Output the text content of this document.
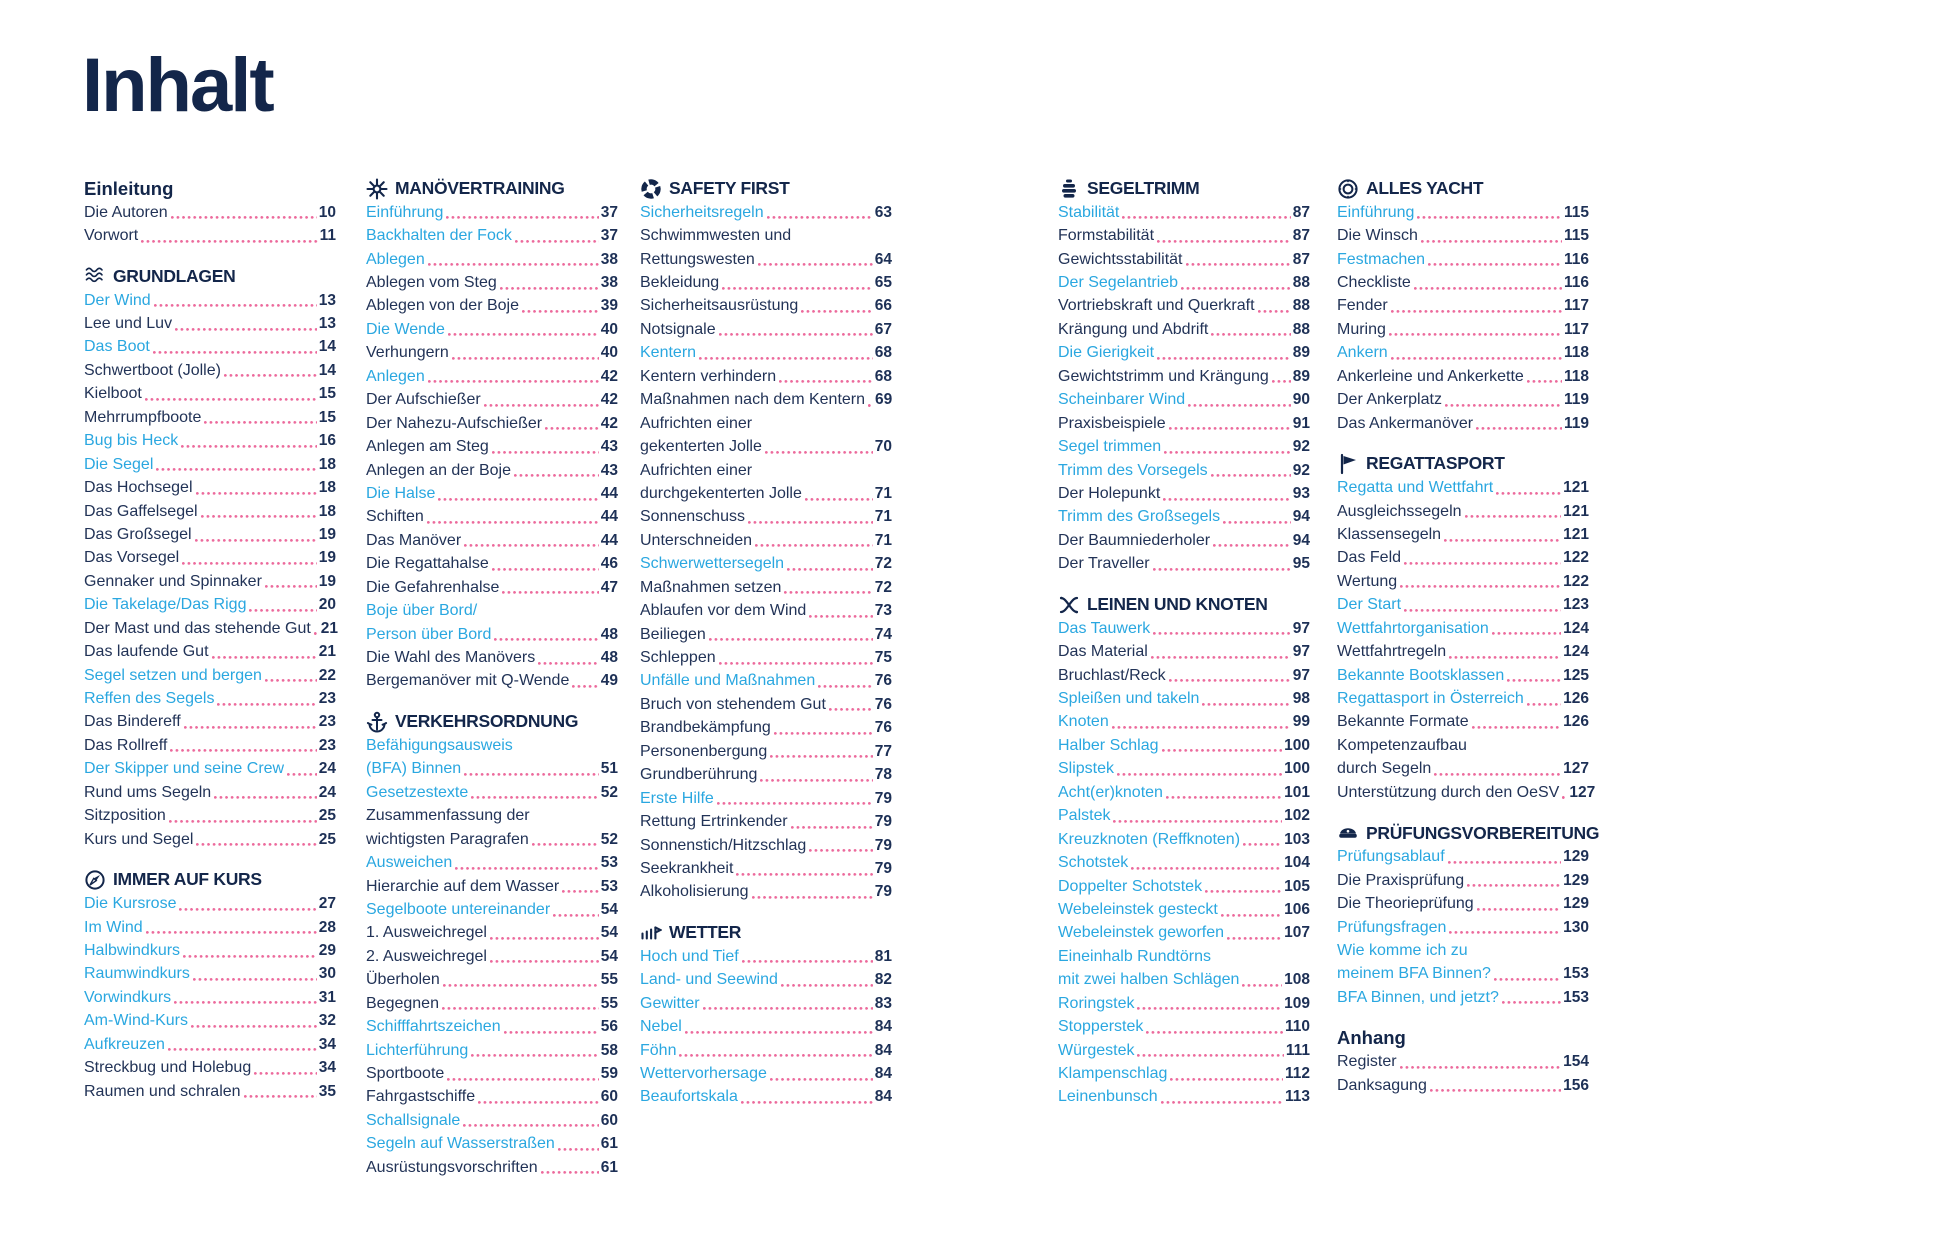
Inhalt
Einleitung
Die Autoren	10
Vorwort	11
GRUNDLAGEN
Der Wind	13
Lee und Luv	13
Das Boot	14
Schwertboot (Jolle)	14
Kielboot	15
Mehrrumpfboote	15
Bug bis Heck	16
Die Segel	18
Das Hochsegel	18
Das Gaffelsegel	18
Das Großsegel	19
Das Vorsegel	19
Gennaker und Spinnaker	19
Die Takelage/Das Rigg	20
Der Mast und das stehende Gut 21
Das laufende Gut	21
Segel setzen und bergen	22
Reffen des Segels	23
Das Bindereff	23
Das Rollreff	23
Der Skipper und seine Crew 24
Rund ums Segeln	24
Sitzposition	25
Kurs und Segel	25
IMMER AUF KURS
Die Kursrose	27
Im Wind	28
Halbwindkurs	29
Raumwindkurs	30
Vorwindkurs	31
Am-Wind-Kurs	32
Aufkreuzen	34
Streckbug und Holebug	34
Raumen und schralen	35
MANÖVERTRAINING
Einführung	37
Backhalten der Fock	37
Ablegen	38
Ablegen vom Steg	38
Ablegen von der Boje	39
Die Wende	40
Verhungern	40
Anlegen	42
Der Aufschießer	42
Der Nahezu-Aufschießer	42
Anlegen am Steg	43
Anlegen an der Boje	43
Die Halse	44
Schiften	44
Das Manöver	44
Die Regattahalse	46
Die Gefahrenhalse	47
Boje über Bord/
Person über Bord	48
Die Wahl des Manövers	48
Bergemanöver mit Q-Wende 49
VERKEHRSORDNUNG
Befähigungsausweis
(BFA) Binnen	51
Gesetzestexte	52
Zusammenfassung der
wichtigsten Paragrafen	52
Ausweichen	53
Hierarchie auf dem Wasser	53
Segelboote untereinander	54
1. Ausweichregel	54
2. Ausweichregel	54
Überholen	55
Begegnen	55
Schifffahrtszeichen	56
Lichterführung	58
Sportboote	59
Fahrgastschiffe	60
Schallsignale	60
Segeln auf Wasserstraßen	61
Ausrüstungsvorschriften	61
SAFETY FIRST
Sicherheitsregeln	63
Schwimmwesten und
Rettungswesten	64
Bekleidung	65
Sicherheitsausrüstung	66
Notsignale	67
Kentern	68
Kentern verhindern	68
Maßnahmen nach dem Kentern 69
Aufrichten einer
gekenterten Jolle	70
Aufrichten einer
durchgekenterten Jolle	71
Sonnenschuss	71
Unterschneiden	71
Schwerwettersegeln	72
Maßnahmen setzen	72
Ablaufen vor dem Wind	73
Beiliegen	74
Schleppen	75
Unfälle und Maßnahmen	76
Bruch von stehendem Gut	76
Brandbekämpfung	76
Personenbergung	77
Grundberührung	78
Erste Hilfe	79
Rettung Ertrinkender	79
Sonnenstich/Hitzschlag	79
Seekrankheit	79
Alkoholisierung	79
WETTER
Hoch und Tief	81
Land- und Seewind	82
Gewitter	83
Nebel	84
Föhn	84
Wettervorhersage	84
Beaufortskala	84
SEGELTRIMM
Stabilität	87
Formstabilität	87
Gewichtsstabilität	87
Der Segelantrieb	88
Vortriebskraft und Querkraft 88
Krängung und Abdrift	88
Die Gierigkeit	89
Gewichtstrimm und Krängung 89
Scheinbarer Wind	90
Praxisbeispiele	91
Segel trimmen	92
Trimm des Vorsegels	92
Der Holepunkt	93
Trimm des Großsegels	94
Der Baumniederholer	94
Der Traveller	95
LEINEN UND KNOTEN
Das Tauwerk	97
Das Material	97
Bruchlast/Reck	97
Spleißen und takeln	98
Knoten	99
Halber Schlag	100
Slipstek	100
Acht(er)knoten	101
Palstek	102
Kreuzknoten (Reffknoten)	103
Schotstek	104
Doppelter Schotstek	105
Webeleinstek gesteckt	106
Webeleinstek geworfen	107
Eineinhalb Rundtörns
mit zwei halben Schlägen	108
Roringstek	109
Stopperstek	110
Würgestek	111
Klampenschlag	112
Leinenbunsch	113
ALLES YACHT
Einführung	115
Die Winsch	115
Festmachen	116
Checkliste	116
Fender	117
Muring	117
Ankern	118
Ankerleine und Ankerkette	118
Der Ankerplatz	119
Das Ankermanöver	119
REGATTASPORT
Regatta und Wettfahrt	121
Ausgleichssegeln	121
Klassensegeln	121
Das Feld	122
Wertung	122
Der Start	123
Wettfahrtorganisation	124
Wettfahrtregeln	124
Bekannte Bootsklassen	125
Regattasport in Österreich	126
Bekannte Formate	126
Kompetenzaufbau
durch Segeln	127
Unterstützung durch den OeSV 127
PRÜFUNGSVORBEREITUNG
Prüfungsablauf	129
Die Praxisprüfung	129
Die Theorieprüfung	129
Prüfungsfragen	130
Wie komme ich zu
meinem BFA Binnen?	153
BFA Binnen, und jetzt?	153
Anhang
Register	154
Danksagung	156
